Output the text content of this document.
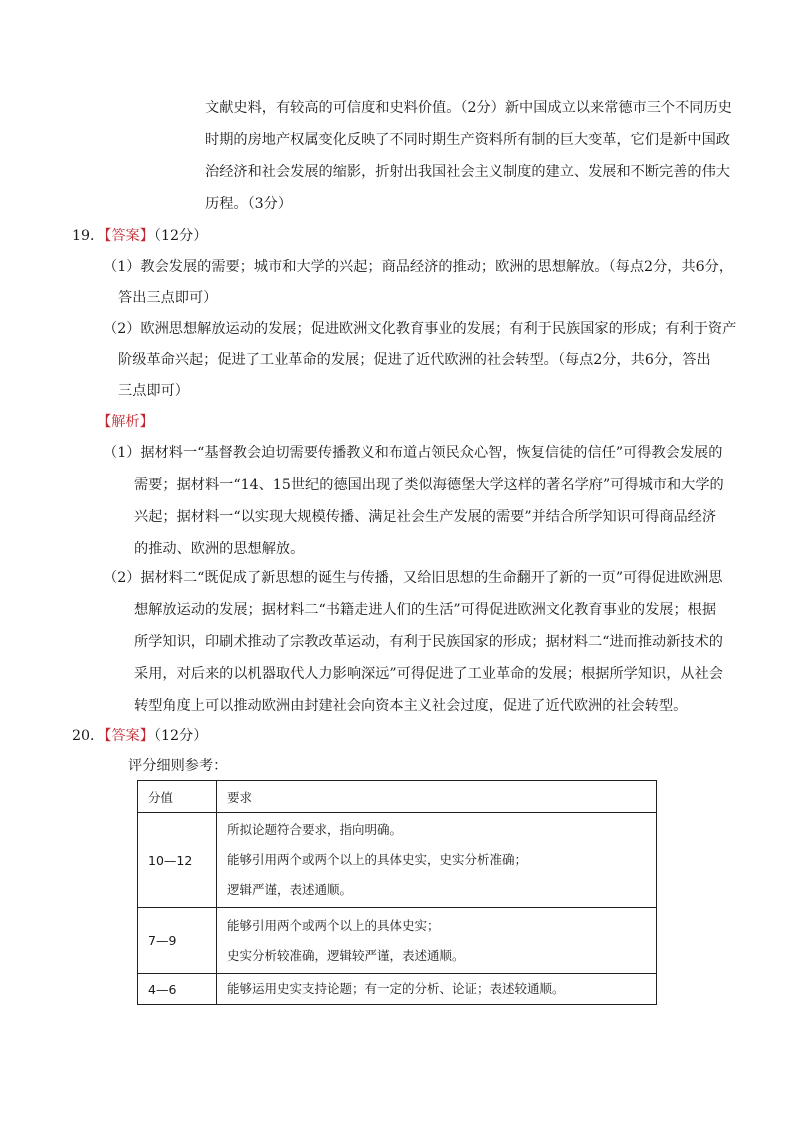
文献史料，有较高的可信度和史料价值。（2分）新中国成立以来常德市三个不同历史
时期的房地产权属变化反映了不同时期生产资料所有制的巨大变革，它们是新中国政
治经济和社会发展的缩影，折射出我国社会主义制度的建立、发展和不断完善的伟大
历程。（3分）
19．【答案】（12分）
（1）教会发展的需要；城市和大学的兴起；商品经济的推动；欧洲的思想解放。（每点2分，共6分，
答出三点即可）
（2）欧洲思想解放运动的发展；促进欧洲文化教育事业的发展；有利于民族国家的形成；有利于资产
阶级革命兴起；促进了工业革命的发展；促进了近代欧洲的社会转型。（每点2分，共6分，答出
三点即可）
【解析】
（1）据材料一“基督教会迫切需要传播教义和布道占领民众心智，恢复信徒的信任”可得教会发展的
需要；据材料一“14、15世纪的德国出现了类似海德堡大学这样的著名学府”可得城市和大学的
兴起；据材料一“以实现大规模传播、满足社会生产发展的需要”并结合所学知识可得商品经济
的推动、欧洲的思想解放。
（2）据材料二“既促成了新思想的诞生与传播，又给旧思想的生命翻开了新的一页”可得促进欧洲思
想解放运动的发展；据材料二“书籍走进人们的生活”可得促进欧洲文化教育事业的发展；根据
所学知识，印刷术推动了宗教改革运动，有利于民族国家的形成；据材料二“进而推动新技术的
采用，对后来的以机器取代人力影响深远”可得促进了工业革命的发展；根据所学知识，从社会
转型角度上可以推动欧洲由封建社会向资本主义社会过度，促进了近代欧洲的社会转型。
20．【答案】（12分）
评分细则参考：
分值	要求
10—12	所拟论题符合要求，指向明确。
能够引用两个或两个以上的具体史实，史实分析准确；
逻辑严谨，表述通顺。

7—9	能够引用两个或两个以上的具体史实；
史实分析较准确，逻辑较严谨，表述通顺。

4—6	能够运用史实支持论题；有一定的分析、论证；表述较通顺。
